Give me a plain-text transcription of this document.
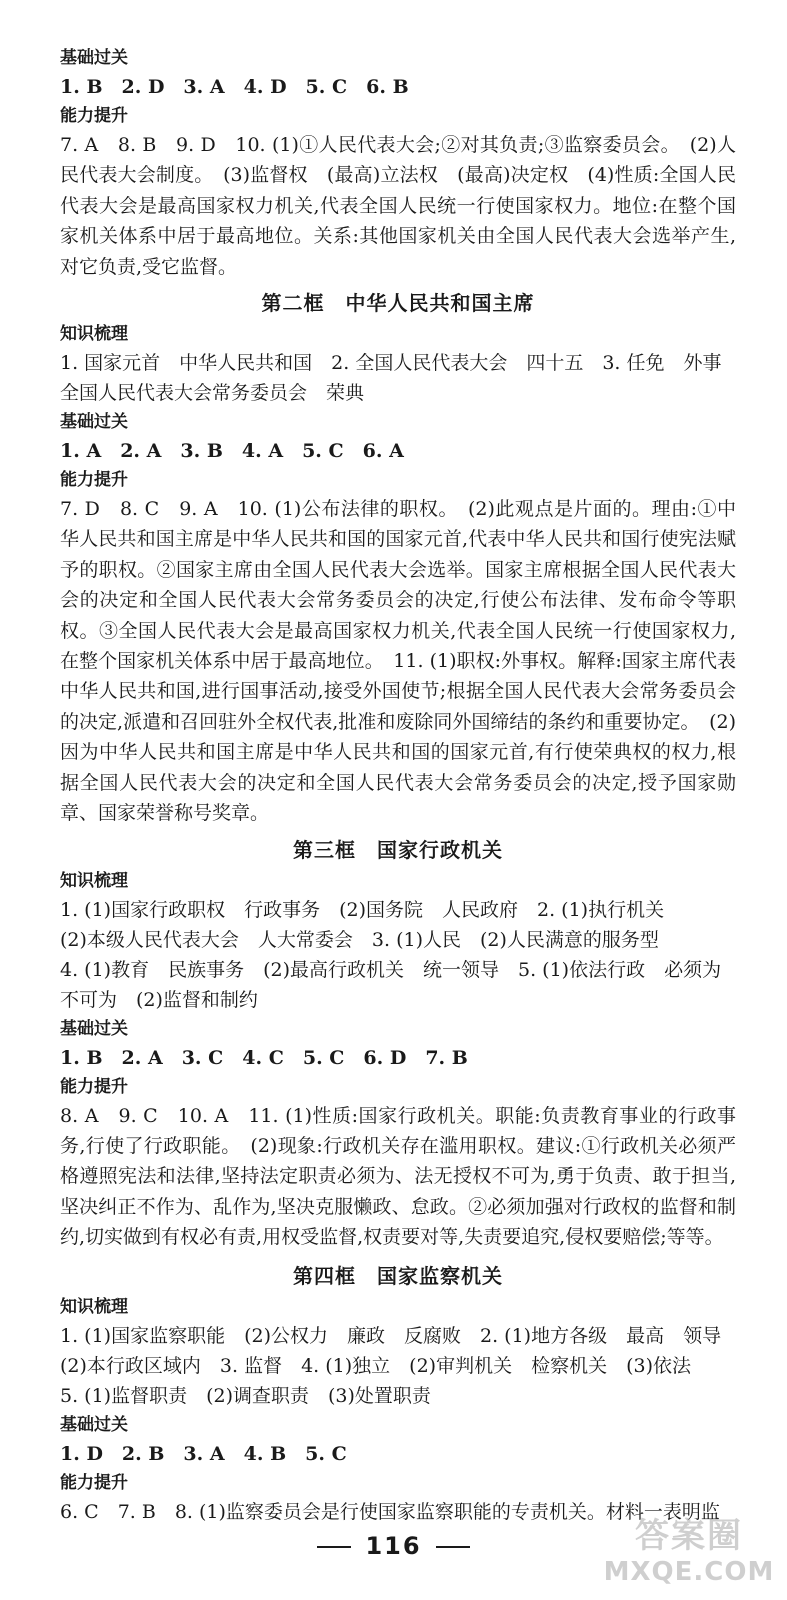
基础过关

1. B　2. D　3. A　4. D　5. C　6. B

能力提升

7. A　8. B　9. D　10. (1)①人民代表大会;②对其负责;③监察委员会。　(2)人民代表大会制度。　(3)监督权　(最高)立法权　(最高)决定权　(4)性质:全国人民代表大会是最高国家权力机关,代表全国人民统一行使国家权力。地位:在整个国家机关体系中居于最高地位。关系:其他国家机关由全国人民代表大会选举产生,对它负责,受它监督。

第二框　中华人民共和国主席

知识梳理

1. 国家元首　中华人民共和国　2. 全国人民代表大会　四十五　3. 任免　外事

全国人民代表大会常务委员会　荣典

基础过关

1. A　2. A　3. B　4. A　5. C　6. A

能力提升

7. D　8. C　9. A　10. (1)公布法律的职权。　(2)此观点是片面的。理由:①中华人民共和国主席是中华人民共和国的国家元首,代表中华人民共和国行使宪法赋予的职权。②国家主席由全国人民代表大会选举。国家主席根据全国人民代表大会的决定和全国人民代表大会常务委员会的决定,行使公布法律、发布命令等职权。③全国人民代表大会是最高国家权力机关,代表全国人民统一行使国家权力,在整个国家机关体系中居于最高地位。　11. (1)职权:外事权。解释:国家主席代表中华人民共和国,进行国事活动,接受外国使节;根据全国人民代表大会常务委员会的决定,派遣和召回驻外全权代表,批准和废除同外国缔结的条约和重要协定。　(2)因为中华人民共和国主席是中华人民共和国的国家元首,有行使荣典权的权力,根据全国人民代表大会的决定和全国人民代表大会常务委员会的决定,授予国家勋章、国家荣誉称号奖章。

第三框　国家行政机关

知识梳理

1. (1)国家行政职权　行政事务　(2)国务院　人民政府　2. (1)执行机关

(2)本级人民代表大会　人大常委会　3. (1)人民　(2)人民满意的服务型

4. (1)教育　民族事务　(2)最高行政机关　统一领导　5. (1)依法行政　必须为

不可为　(2)监督和制约

基础过关

1. B　2. A　3. C　4. C　5. C　6. D　7. B

能力提升

8. A　9. C　10. A　11. (1)性质:国家行政机关。职能:负责教育事业的行政事务,行使了行政职能。　(2)现象:行政机关存在滥用职权。建议:①行政机关必须严格遵照宪法和法律,坚持法定职责必须为、法无授权不可为,勇于负责、敢于担当,坚决纠正不作为、乱作为,坚决克服懒政、怠政。②必须加强对行政权的监督和制约,切实做到有权必有责,用权受监督,权责要对等,失责要追究,侵权要赔偿;等等。

第四框　国家监察机关

知识梳理

1. (1)国家监察职能　(2)公权力　廉政　反腐败　2. (1)地方各级　最高　领导

(2)本行政区域内　3. 监督　4. (1)独立　(2)审判机关　检察机关　(3)依法

5. (1)监督职责　(2)调查职责　(3)处置职责

基础过关

1. D　2. B　3. A　4. B　5. C

能力提升

6. C　7. B　8. (1)监察委员会是行使国家监察职能的专责机关。材料一表明监

116	答案圈
MXQE.COM
